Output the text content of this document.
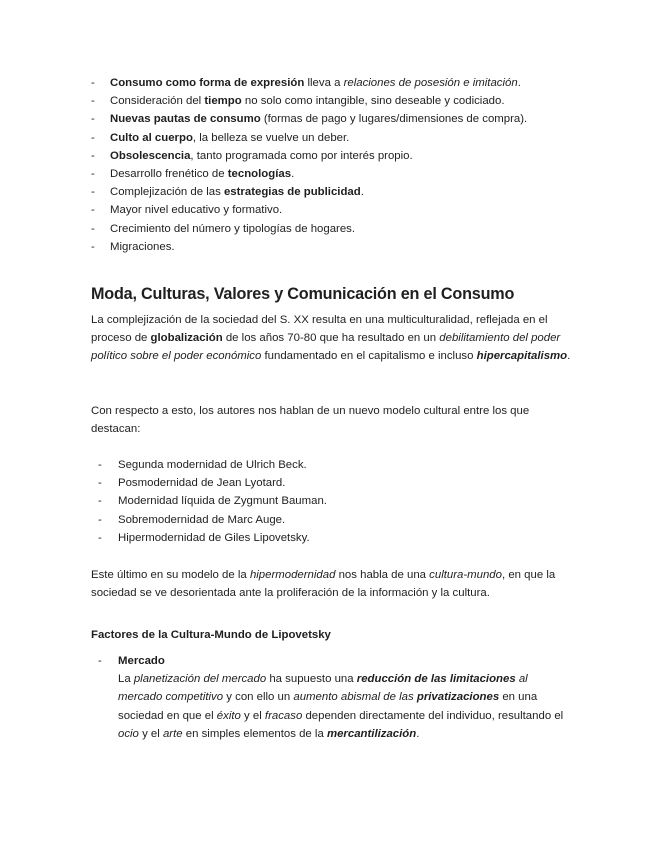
- Consumo como forma de expresión lleva a relaciones de posesión e imitación.
- Consideración del tiempo no solo como intangible, sino deseable y codiciado.
- Nuevas pautas de consumo (formas de pago y lugares/dimensiones de compra).
- Culto al cuerpo, la belleza se vuelve un deber.
- Obsolescencia, tanto programada como por interés propio.
- Desarrollo frenético de tecnologías.
- Complejización de las estrategias de publicidad.
- Mayor nivel educativo y formativo.
- Crecimiento del número y tipologías de hogares.
- Migraciones.
Moda, Culturas, Valores y Comunicación en el Consumo

La complejización de la sociedad del S. XX resulta en una multiculturalidad, reflejada en el proceso de globalización de los años 70-80 que ha resultado en un debilitamiento del poder político sobre el poder económico fundamentado en el capitalismo e incluso hipercapitalismo.

Con respecto a esto, los autores nos hablan de un nuevo modelo cultural entre los que destacan:

- Segunda modernidad de Ulrich Beck.
- Posmodernidad de Jean Lyotard.
- Modernidad líquida de Zygmunt Bauman.
- Sobremodernidad de Marc Auge.
- Hipermodernidad de Giles Lipovetsky.

Este último en su modelo de la hipermodernidad nos habla de una cultura-mundo, en que la sociedad se ve desorientada ante la proliferación de la información y la cultura.

Factores de la Cultura-Mundo de Lipovetsky
- Mercado

La planetización del mercado ha supuesto una reducción de las limitaciones al mercado competitivo y con ello un aumento abismal de las privatizaciones en una sociedad en que el éxito y el fracaso dependen directamente del individuo, resultando el ocio y el arte en simples elementos de la mercantilización.
